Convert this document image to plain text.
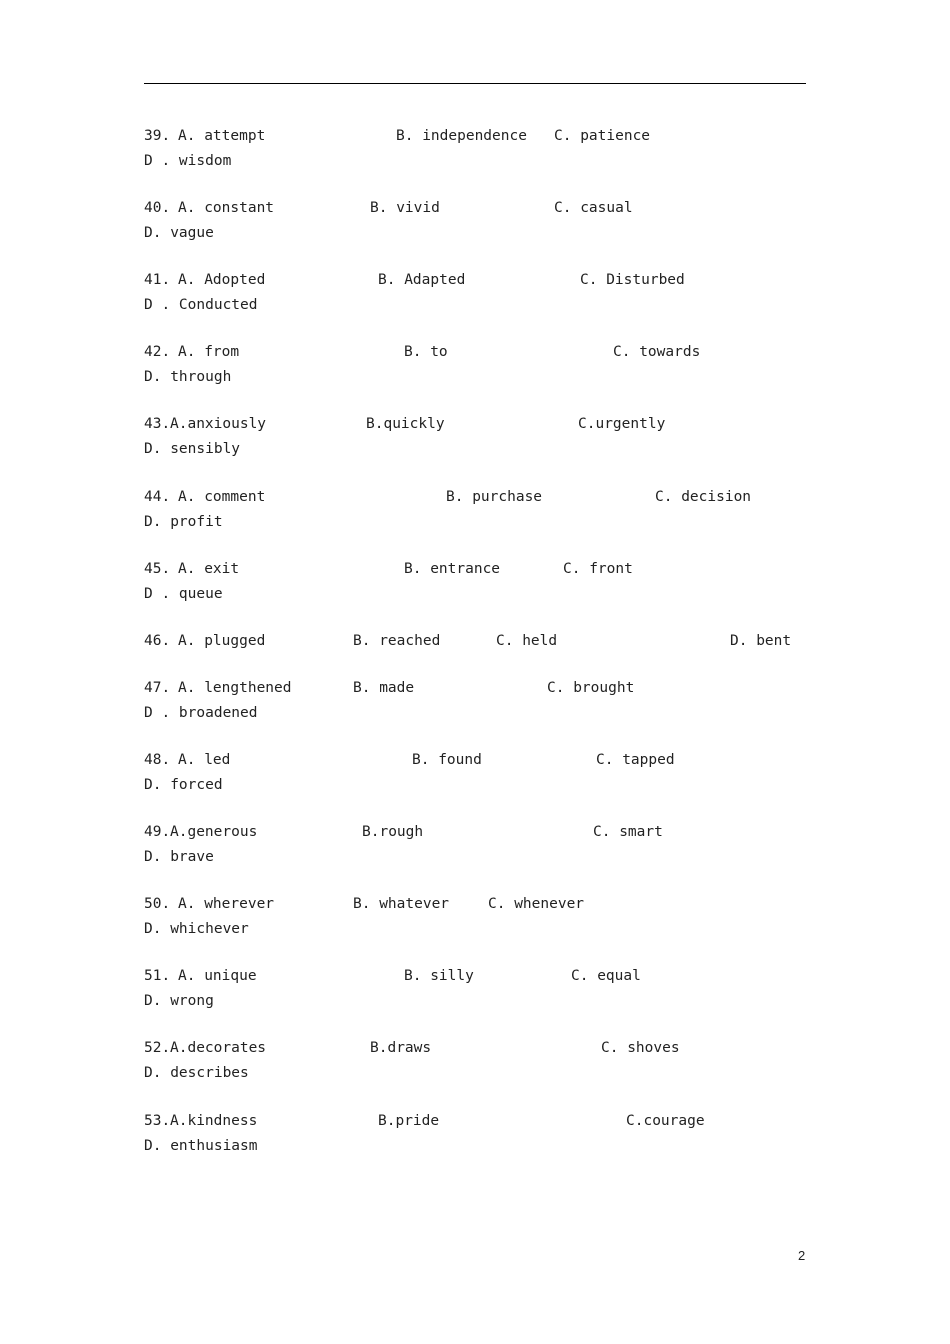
39. A. attempt	B. independence C. patience
D . wisdom
40. A. constant	B. vivid	C. casual
D. vague
41. A. Adopted	B. Adapted	C. Disturbed
D . Conducted
42. A. from	B. to	C. towards
D. through
43. A.anxiously	B.quickly	C.urgently
D. sensibly
44. A. comment	B. purchase	C. decision
D. profit
45. A. exit	B. entrance	C. front
D . queue
46. A. plugged	B. reached	C. held	D. bent
47. A. lengthened	B. made	C. brought
D . broadened
48. A. led	B. found	C. tapped
D. forced
49. A.generous	B.rough	C. smart
D. brave
50. A. wherever	B. whatever	C. whenever
D. whichever
51. A. unique	B. silly	C. equal
D. wrong
52. A.decorates	B.draws	C. shoves
D. describes
53. A.kindness	B.pride	C.courage
D. enthusiasm
2
